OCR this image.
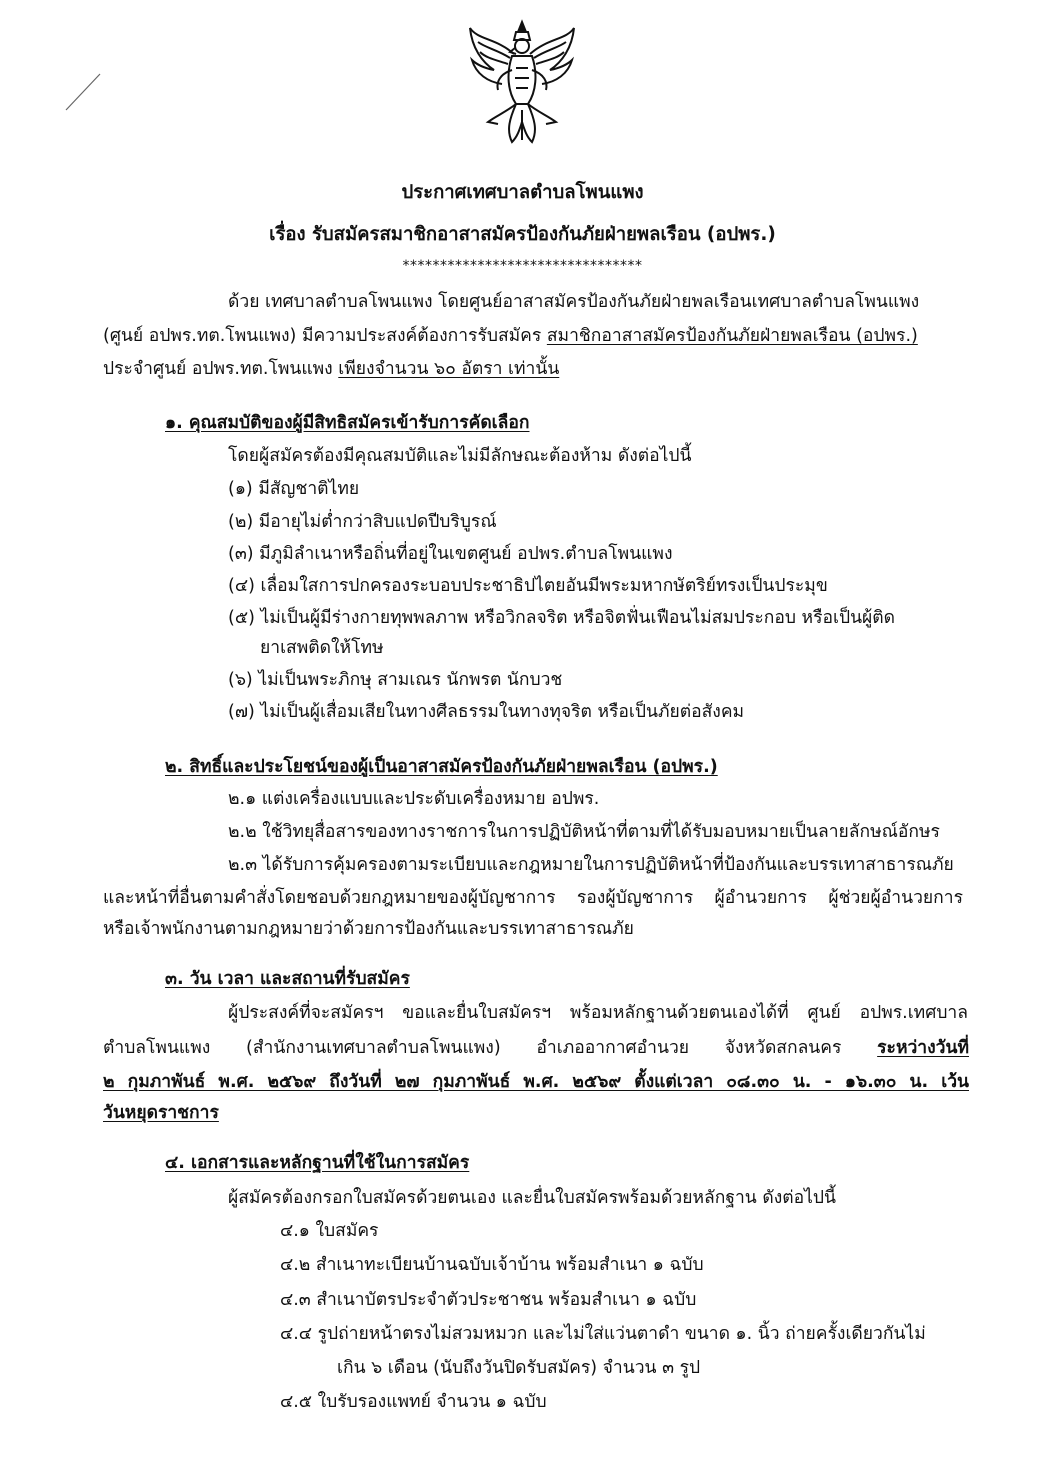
ประกาศเทศบาลตำบลโพนแพง

เรื่อง รับสมัครสมาชิกอาสาสมัครป้องกันภัยฝ่ายพลเรือน (อปพร.)

********************************

ด้วย เทศบาลตำบลโพนแพง โดยศูนย์อาสาสมัครป้องกันภัยฝ่ายพลเรือนเทศบาลตำบลโพนแพง

(ศูนย์ อปพร.ทต.โพนแพง) มีความประสงค์ต้องการรับสมัคร สมาชิกอาสาสมัครป้องกันภัยฝ่ายพลเรือน (อปพร.)

ประจำศูนย์ อปพร.ทต.โพนแพง เพียงจำนวน ๖๐ อัตรา เท่านั้น

๑. คุณสมบัติของผู้มีสิทธิสมัครเข้ารับการคัดเลือก

โดยผู้สมัครต้องมีคุณสมบัติและไม่มีลักษณะต้องห้าม ดังต่อไปนี้

(๑) มีสัญชาติไทย

(๒) มีอายุไม่ต่ำกว่าสิบแปดปีบริบูรณ์

(๓) มีภูมิลำเนาหรือถิ่นที่อยู่ในเขตศูนย์ อปพร.ตำบลโพนแพง

(๔) เลื่อมใสการปกครองระบอบประชาธิปไตยอันมีพระมหากษัตริย์ทรงเป็นประมุข

(๕) ไม่เป็นผู้มีร่างกายทุพพลภาพ หรือวิกลจริต หรือจิตฟั่นเฟือนไม่สมประกอบ หรือเป็นผู้ติด

ยาเสพติดให้โทษ

(๖) ไม่เป็นพระภิกษุ สามเณร นักพรต นักบวช

(๗) ไม่เป็นผู้เสื่อมเสียในทางศีลธรรมในทางทุจริต หรือเป็นภัยต่อสังคม

๒. สิทธิ์และประโยชน์ของผู้เป็นอาสาสมัครป้องกันภัยฝ่ายพลเรือน (อปพร.)

๒.๑ แต่งเครื่องแบบและประดับเครื่องหมาย อปพร.

๒.๒ ใช้วิทยุสื่อสารของทางราชการในการปฏิบัติหน้าที่ตามที่ได้รับมอบหมายเป็นลายลักษณ์อักษร

๒.๓ ได้รับการคุ้มครองตามระเบียบและกฎหมายในการปฏิบัติหน้าที่ป้องกันและบรรเทาสาธารณภัย

และหน้าที่อื่นตามคำสั่งโดยชอบด้วยกฎหมายของผู้บัญชาการ รองผู้บัญชาการ ผู้อำนวยการ ผู้ช่วยผู้อำนวยการ

หรือเจ้าพนักงานตามกฎหมายว่าด้วยการป้องกันและบรรเทาสาธารณภัย

๓. วัน เวลา และสถานที่รับสมัคร

ผู้ประสงค์ที่จะสมัครฯ ขอและยื่นใบสมัครฯ พร้อมหลักฐานด้วยตนเองได้ที่ ศูนย์ อปพร.เทศบาล

ตำบลโพนแพง (สำนักงานเทศบาลตำบลโพนแพง) อำเภออากาศอำนวย จังหวัดสกลนคร ระหว่างวันที่

๒ กุมภาพันธ์ พ.ศ. ๒๕๖๙ ถึงวันที่ ๒๗ กุมภาพันธ์ พ.ศ. ๒๕๖๙ ตั้งแต่เวลา ๐๘.๓๐ น. - ๑๖.๓๐ น. เว้น

วันหยุดราชการ

๔. เอกสารและหลักฐานที่ใช้ในการสมัคร

ผู้สมัครต้องกรอกใบสมัครด้วยตนเอง และยื่นใบสมัครพร้อมด้วยหลักฐาน ดังต่อไปนี้

๔.๑ ใบสมัคร

๔.๒ สำเนาทะเบียนบ้านฉบับเจ้าบ้าน พร้อมสำเนา ๑ ฉบับ

๔.๓ สำเนาบัตรประจำตัวประชาชน พร้อมสำเนา ๑ ฉบับ

๔.๔ รูปถ่ายหน้าตรงไม่สวมหมวก และไม่ใส่แว่นตาดำ ขนาด ๑. นิ้ว ถ่ายครั้งเดียวกันไม่

เกิน ๖ เดือน (นับถึงวันปิดรับสมัคร) จำนวน ๓ รูป

๔.๕ ใบรับรองแพทย์ จำนวน ๑ ฉบับ
